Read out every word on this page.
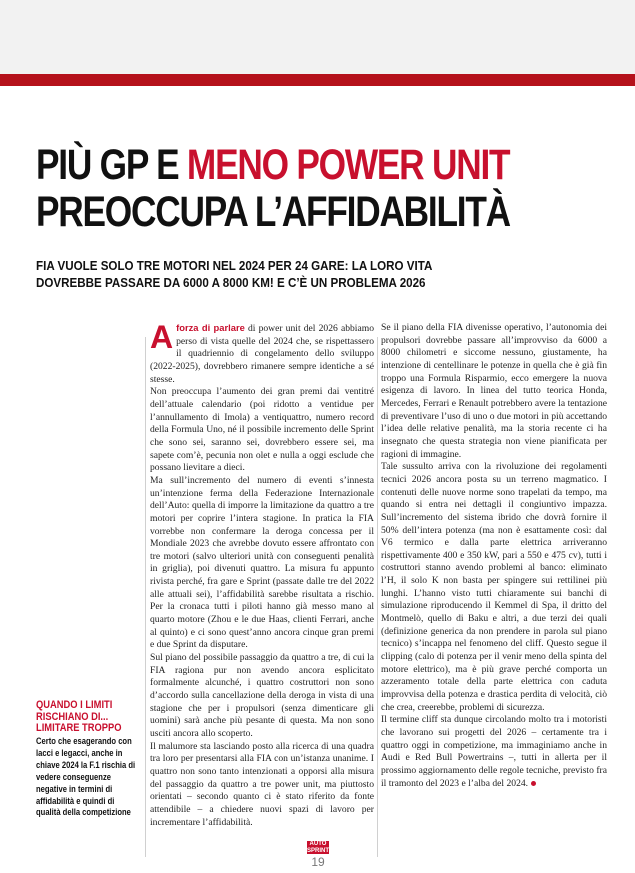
PIÙ GP E MENO POWER UNIT
PREOCCUPA L’AFFIDABILITÀ
FIA VUOLE SOLO TRE MOTORI NEL 2024 PER 24 GARE: LA LORO VITA
DOVREBBE PASSARE DA 6000 A 8000 KM! E C’È UN PROBLEMA 2026

Aforza di parlare di power unit del 2026 abbiamo perso di vista quelle del 2024 che, se rispettassero il quadriennio di congelamento dello sviluppo (2022-2025), dovrebbero rimanere sempre identiche a sé stesse.

Non preoccupa l’aumento dei gran premi dai ventitré dell’attuale calendario (poi ridotto a ventidue per l’annullamento di Imola) a ventiquattro, numero record della Formula Uno, né il possibile incremento delle Sprint che sono sei, saranno sei, dovrebbero essere sei, ma sapete com’è, pecunia non olet e nulla a oggi esclude che possano lievitare a dieci.

Ma sull’incremento del numero di eventi s’innesta un’intenzione ferma della Federazione Internazionale dell’Auto: quella di imporre la limitazione da quattro a tre motori per coprire l’intera stagione. In pratica la FIA vorrebbe non confermare la deroga concessa per il Mondiale 2023 che avrebbe dovuto essere affrontato con tre motori (salvo ulteriori unità con conseguenti penalità in griglia), poi divenuti quattro. La misura fu appunto rivista perché, fra gare e Sprint (passate dalle tre del 2022 alle attuali sei), l’affidabilità sarebbe risultata a rischio. Per la cronaca tutti i piloti hanno già messo mano al quarto motore (Zhou e le due Haas, clienti Ferrari, anche al quinto) e ci sono quest’anno ancora cinque gran premi e due Sprint da disputare.

Sul piano del possibile passaggio da quattro a tre, di cui la FIA ragiona pur non avendo ancora esplicitato formalmente alcunché, i quattro costruttori non sono d’accordo sulla cancellazione della deroga in vista di una stagione che per i propulsori (senza dimenticare gli uomini) sarà anche più pesante di questa. Ma non sono usciti ancora allo scoperto.

Il malumore sta lasciando posto alla ricerca di una quadra tra loro per presentarsi alla FIA con un’istanza unanime. I quattro non sono tanto intenzionati a opporsi alla misura del passaggio da quattro a tre power unit, ma piuttosto orientati – secondo quanto ci è stato riferito da fonte attendibile – a chiedere nuovi spazi di lavoro per incrementare l’affidabilità.

Se il piano della FIA divenisse operativo, l’autonomia dei propulsori dovrebbe passare all’improvviso da 6000 a 8000 chilometri e siccome nessuno, giustamente, ha intenzione di centellinare le potenze in quella che è già fin troppo una Formula Risparmio, ecco emergere la nuova esigenza di lavoro. In linea del tutto teorica Honda, Mercedes, Ferrari e Renault potrebbero avere la tentazione di preventivare l’uso di uno o due motori in più accettando l’idea delle relative penalità, ma la storia recente ci ha insegnato che questa strategia non viene pianificata per ragioni di immagine.

Tale sussulto arriva con la rivoluzione dei regolamenti tecnici 2026 ancora posta su un terreno magmatico. I contenuti delle nuove norme sono trapelati da tempo, ma quando si entra nei dettagli il congiuntivo impazza. Sull’incremento del sistema ibrido che dovrà fornire il 50% dell’intera potenza (ma non è esattamente così: dal V6 termico e dalla parte elettrica arriveranno rispettivamente 400 e 350 kW, pari a 550 e 475 cv), tutti i costruttori stanno avendo problemi al banco: eliminato l’H, il solo K non basta per spingere sui rettilinei più lunghi. L’hanno visto tutti chiaramente sui banchi di simulazione riproducendo il Kemmel di Spa, il dritto del Montmelò, quello di Baku e altri, a due terzi dei quali (definizione generica da non prendere in parola sul piano tecnico) s’incappa nel fenomeno del cliff. Questo segue il clipping (calo di potenza per il venir meno della spinta del motore elettrico), ma è più grave perché comporta un azzeramento totale della parte elettrica con caduta improvvisa della potenza e drastica perdita di velocità, ciò che crea, creerebbe, problemi di sicurezza.

Il termine cliff sta dunque circolando molto tra i motoristi che lavorano sui progetti del 2026 – certamente tra i quattro oggi in competizione, ma immaginiamo anche in Audi e Red Bull Powertrains –, tutti in allerta per il prossimo aggiornamento delle regole tecniche, previsto fra il tramonto del 2023 e l’alba del 2024.

QUANDO I LIMITI
RISCHIANO DI...
LIMITARE TROPPO

Certo che esagerando con lacci e legacci, anche in chiave 2024 la F.1 rischia di vedere conseguenze negative in termini di affidabilità e quindi di qualità della competizione

AUTO
SPRINT
19
